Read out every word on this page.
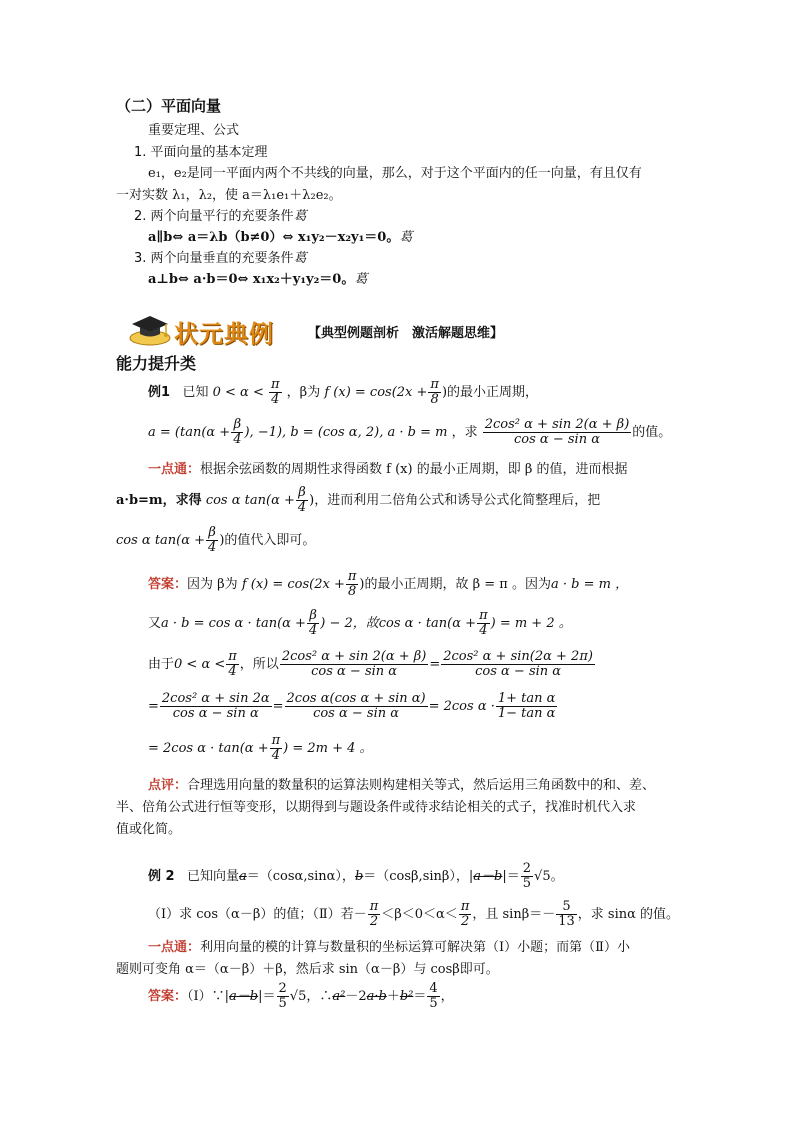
（二）平面向量
重要定理、公式
1. 平面向量的基本定理
e₁，e₂是同一平面内两个不共线的向量，那么，对于这个平面内的任一向量，有且仅有
一对实数 λ₁，λ₂，使 a＝λ₁e₁＋λ₂e₂。
2. 两个向量平行的充要条件葛
a∥b⇔ a＝λb（b≠0）⇔ x₁y₂－x₂y₁＝0。葛
3. 两个向量垂直的充要条件葛
a⊥b⇔ a·b＝0⇔ x₁x₂＋y₁y₂＝0。葛
状元典例	【典型例题剖析　激活解题思维】
能力提升类
例1 已知 $0 < \alpha < \frac{\pi}{4}$ ，β为 f $(x) = \cos(2x + \frac{\pi}{8}$ )的最小正周期，
$a = (\tan(\alpha + \frac{\beta}{4}$ ), −1), b = (cos α, 2), a · b = m ，求 $\frac{\text{2cos² α + sin 2(α + β)}}{\text{cos α − sin α}}$ 的值。
一点通：根据余弦函数的周期性求得函数 f (x) 的最小正周期，即 β 的值，进而根据
a·b=m，求得 cos α $\tan(\alpha + \frac{\beta}{4}$ )，进而利用二倍角公式和诱导公式化简整理后，把
cos α $\tan(\alpha + \frac{\beta}{4}$ )的值代入即可。
答案：因为 β为 f $(x) = \cos(2x + \frac{\pi}{8}$ )的最小正周期，故 β = π 。因为a · b = m ，
又$a \cdot b = \cos \alpha \cdot \tan(\alpha + \frac{\beta}{4}$ ) − 2，故$\cos \alpha \cdot \tan(\alpha + \frac{\pi}{4}$ ) = m + 2 。
由于$0 < \alpha < \frac{\pi}{4}$ ，所以 $\frac{\text{2cos² α + sin 2(α + β)}}{\text{cos α − sin α}} = \frac{\text{2cos² α + sin(2α + 2π)}}{\text{cos α − sin α}}$
= $\frac{\text{2cos² α + sin 2α}}{\text{cos α − sin α}} = \frac{\text{2cos α(cos α + sin α)}}{\text{cos α − sin α}} = 2\cos$ $\alpha \cdot \frac{\text{1+ tan α}}{\text{1− tan α}}$
= 2cos $\alpha \cdot \tan(\alpha + \frac{\pi}{4}$ ) = 2m + 4 。
点评：合理选用向量的数量积的运算法则构建相关等式，然后运用三角函数中的和、差、
半、倍角公式进行恒等变形，以期得到与题设条件或待求结论相关的式子，找准时机代入求
值或化简。
例 2 已知向量a＝（cosα,sinα），b＝（cosβ,sinβ），$|a-b|= \frac{2}{5} √5$。
（Ⅰ）求 cos（α－β）的值；（Ⅱ）若－ $\frac{\pi}{2} <\beta<0<\alpha< \frac{\pi}{2}$ ，且 $\sin\beta=- \frac{5}{13}$ ，求 sinα 的值。
一点通：利用向量的模的计算与数量积的坐标运算可解决第（Ⅰ）小题；而第（Ⅱ）小
题则可变角 α＝（α－β）＋β，然后求 sin（α－β）与 cosβ即可。
答案：（Ⅰ）∵|a－b|＝ $\frac{2}{5} √5$，∴a²－2a·b＋b²＝ $\frac{4}{5}$ ，
